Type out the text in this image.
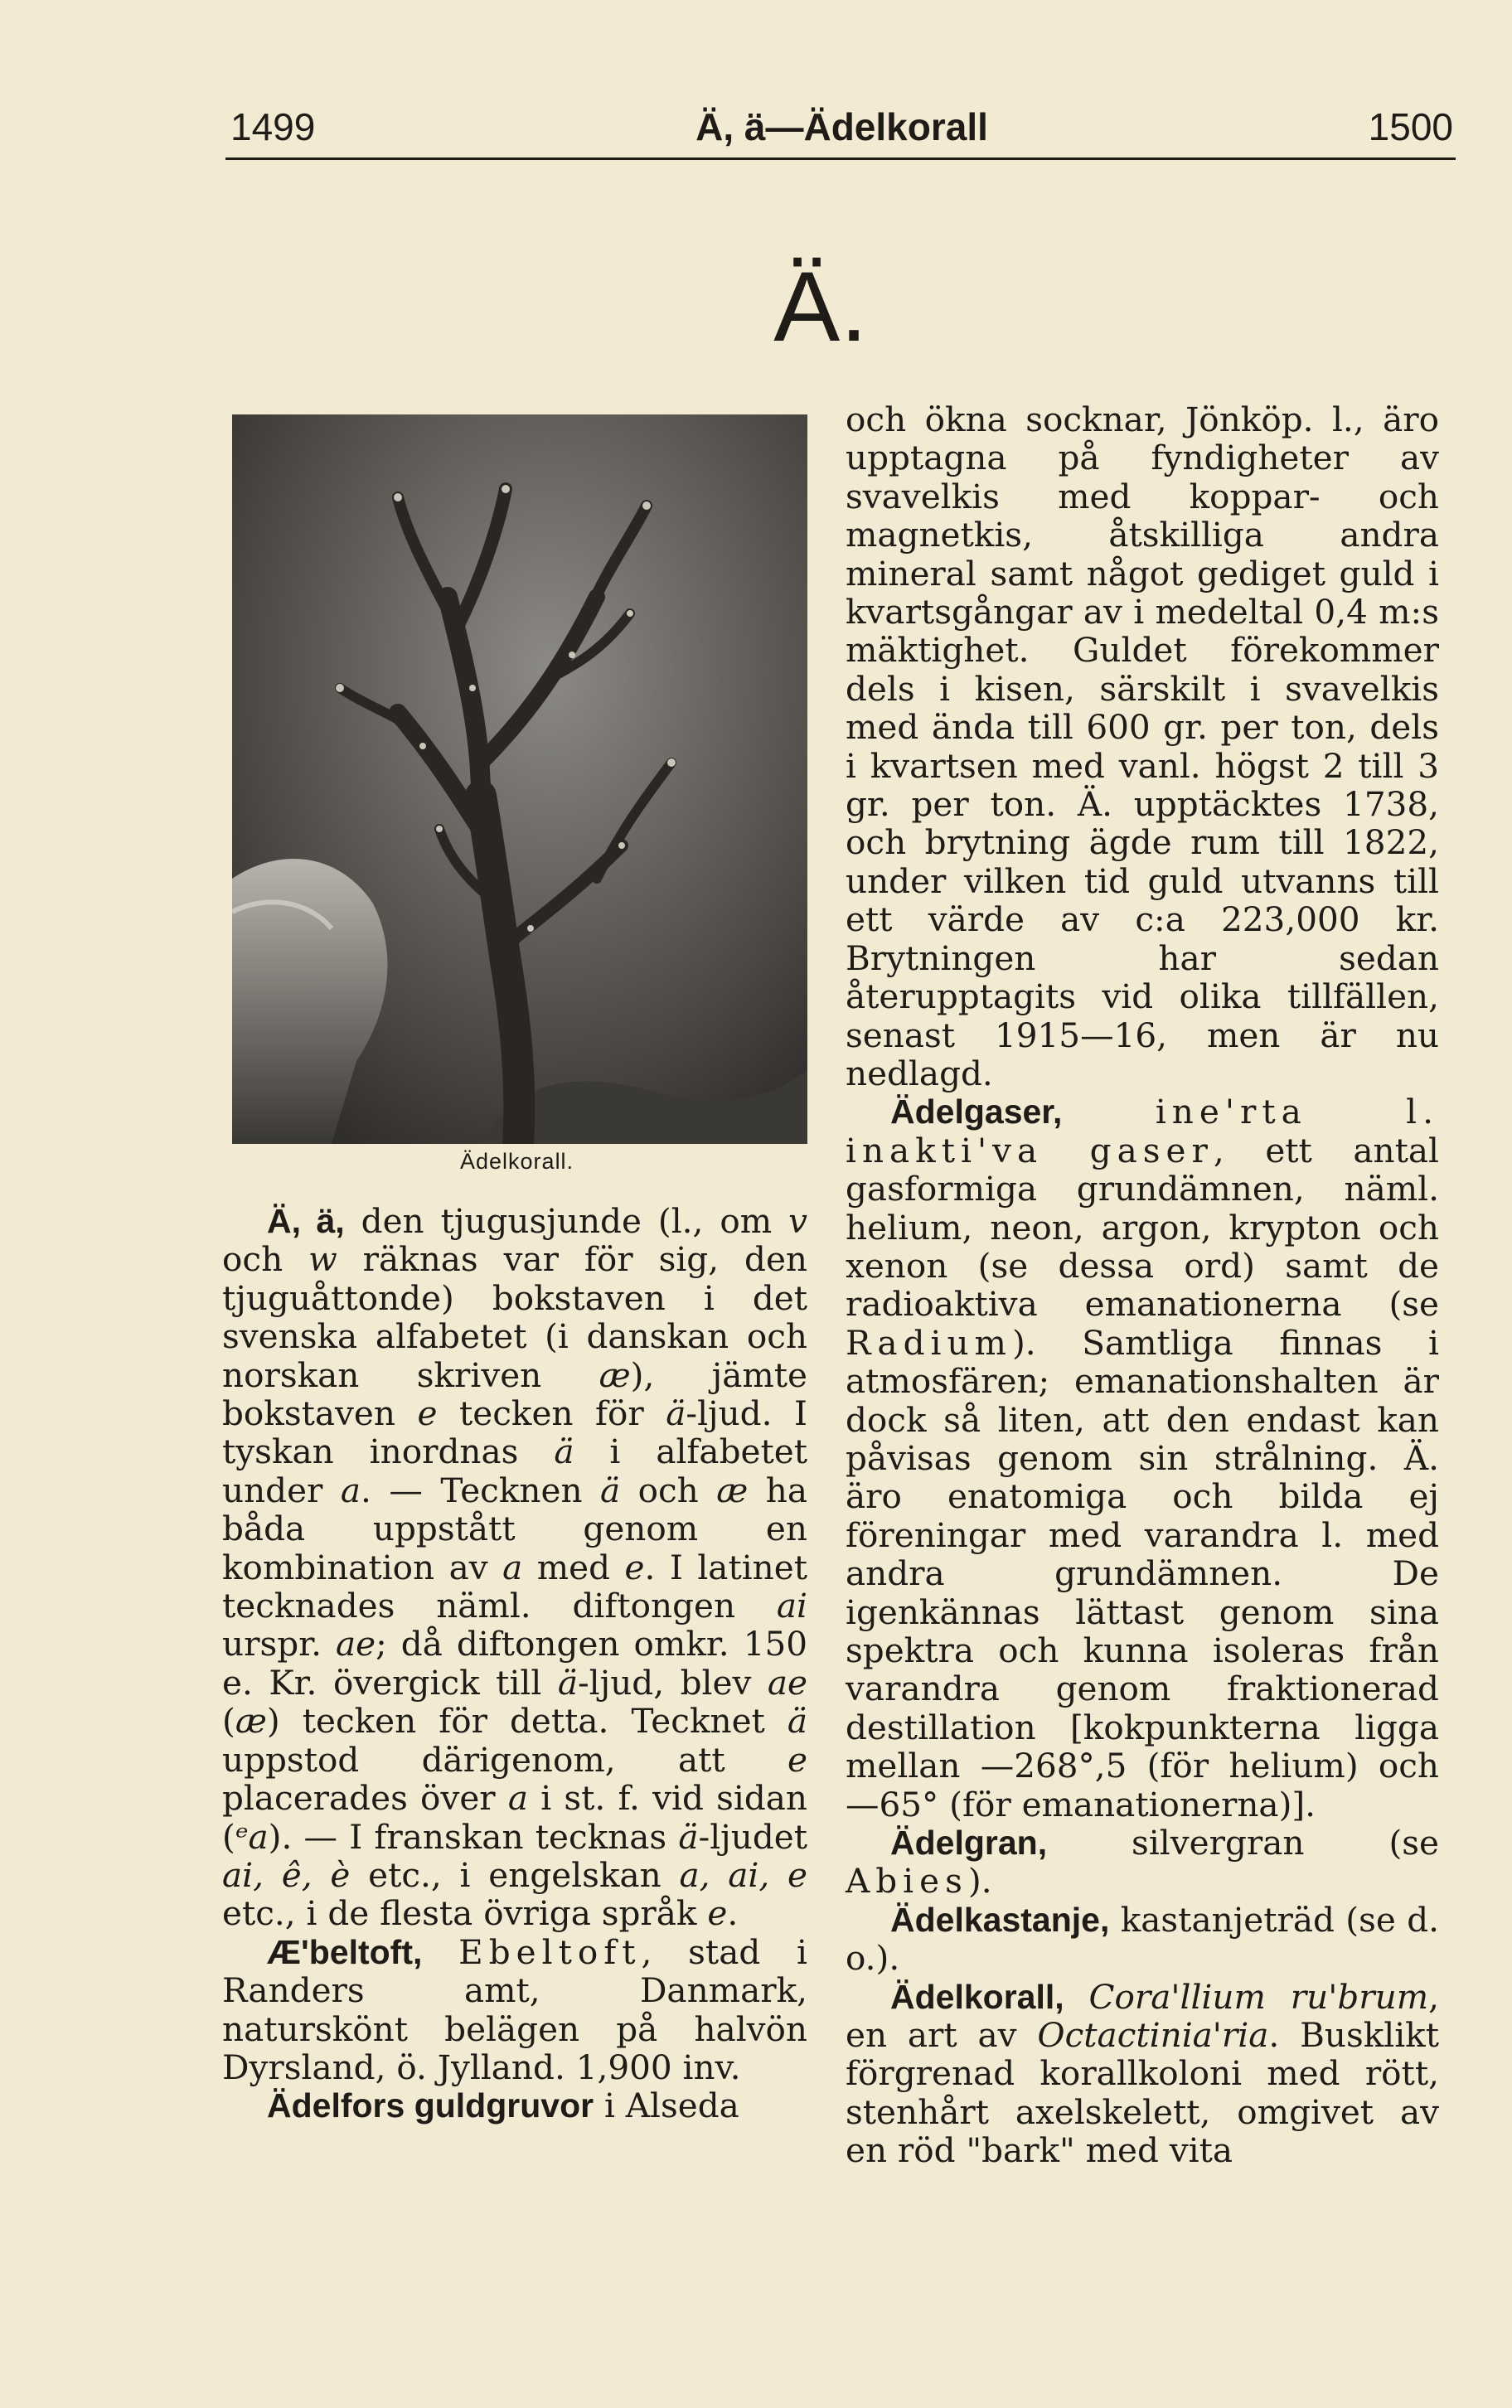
1499	Ä, ä—Ädelkorall	1500
Ä.
Ädelkorall.

Ä, ä, den tjugusjunde (l., om v och w räknas var för sig, den tjuguåttonde) bokstaven i det svenska alfabetet (i danskan och norskan skriven æ), jämte bokstaven e tecken för ä-ljud. I tyskan inordnas ä i alfabetet under a. — Tecknen ä och æ ha båda uppstått genom en kombination av a med e. I latinet tecknades näml. diftongen ai urspr. ae; då diftongen omkr. 150 e. Kr. övergick till ä-ljud, blev ae (æ) tecken för detta. Tecknet ä uppstod därigenom, att e placerades över a i st. f. vid sidan (ᵉa). — I franskan tecknas ä-ljudet ai, ê, è etc., i engelskan a, ai, e etc., i de flesta övriga språk e.

Æ'beltoft, Ebeltoft, stad i Randers amt, Danmark, naturskönt belägen på halvön Dyrsland, ö. Jylland. 1,900 inv.

Ädelfors guldgruvor i Alseda

och ökna socknar, Jönköp. l., äro upptagna på fyndigheter av svavelkis med koppar- och magnetkis, åtskilliga andra mineral samt något gediget guld i kvartsgångar av i medeltal 0,4 m:s mäktighet. Guldet förekommer dels i kisen, särskilt i svavelkis med ända till 600 gr. per ton, dels i kvartsen med vanl. högst 2 till 3 gr. per ton. Ä. upptäcktes 1738, och brytning ägde rum till 1822, under vilken tid guld utvanns till ett värde av c:a 223,000 kr. Brytningen har sedan återupptagits vid olika tillfällen, senast 1915—16, men är nu nedlagd.

Ädelgaser,	ine'rta l. inakti'va gaser, ett antal gasformiga grundämnen, näml. helium, neon, argon, krypton och xenon (se dessa ord) samt de radioaktiva emanationerna (se Radium). Samtliga finnas i atmosfären; emanationshalten är dock så liten, att den endast kan påvisas genom sin strålning. Ä. äro enatomiga och bilda ej föreningar med varandra l. med andra grundämnen. De igenkännas lättast genom sina spektra och kunna isoleras från varandra genom fraktionerad destillation [kokpunkterna ligga mellan —268°,5 (för helium) och —65° (för emanationerna)].

Ädelgran, silvergran (se Abies).

Ädelkastanje, kastanjeträd (se d. o.).

Ädelkorall, Cora'llium ru'brum, en art av Octactinia'ria. Busklikt förgrenad korallkoloni med rött, stenhårt axelskelett, omgivet av en röd "bark" med vita
